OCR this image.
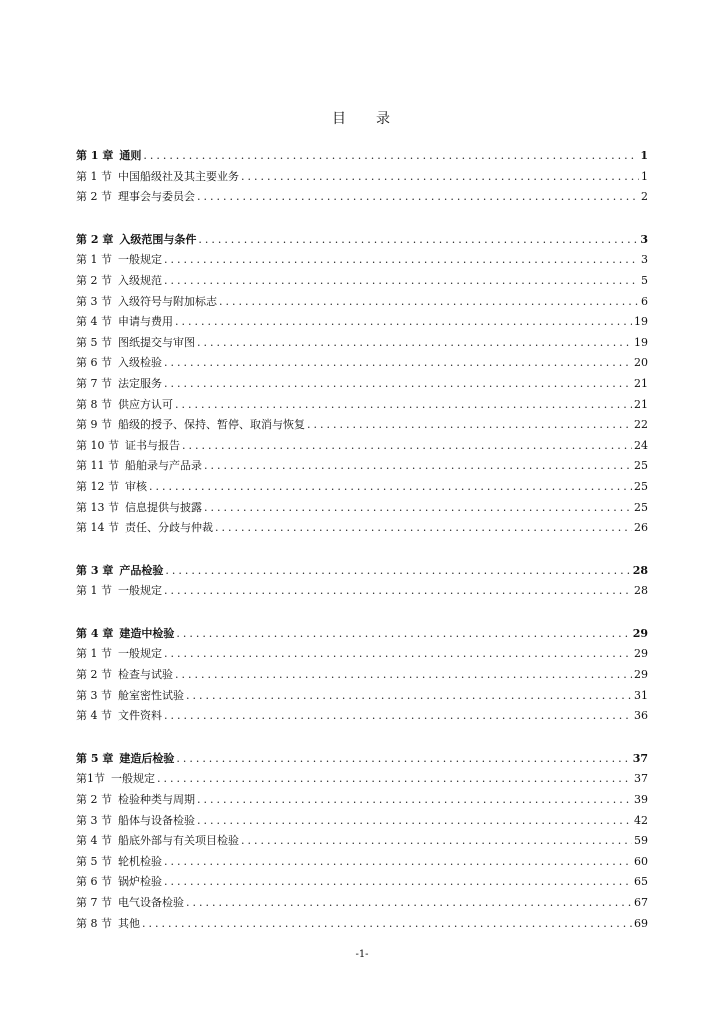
目 录
第 1 章 通则 .....	1
第 1 节 中国船级社及其主要业务 .....	1
第 2 节 理事会与委员会 .....	2
第 2 章 入级范围与条件 .....	3
第 1 节 一般规定 .....	3
第 2 节 入级规范 .....	5
第 3 节 入级符号与附加标志 .....	6
第 4 节 申请与费用 .....	19
第 5 节 图纸提交与审图 .....	19
第 6 节 入级检验 .....	20
第 7 节 法定服务 .....	21
第 8 节 供应方认可 .....	21
第 9 节 船级的授予、保持、暂停、取消与恢复 .....	22
第 10 节 证书与报告 .....	24
第 11 节 船舶录与产品录 .....	25
第 12 节 审核 .....	25
第 13 节 信息提供与披露 .....	25
第 14 节 责任、分歧与仲裁 .....	26
第 3 章 产品检验 .....	28
第 1 节 一般规定 .....	28
第 4 章 建造中检验 .....	29
第 1 节 一般规定 .....	29
第 2 节 检查与试验 .....	29
第 3 节 舱室密性试验 .....	31
第 4 节 文件资料 .....	36
第 5 章 建造后检验 .....	37
第1节 一般规定 .....	37
第 2 节 检验种类与周期 .....	39
第 3 节 船体与设备检验 .....	42
第 4 节 船底外部与有关项目检验 .....	59
第 5 节 轮机检验 .....	60
第 6 节 锅炉检验 .....	65
第 7 节 电气设备检验 .....	67
第 8 节 其他 .....	69
-1-
